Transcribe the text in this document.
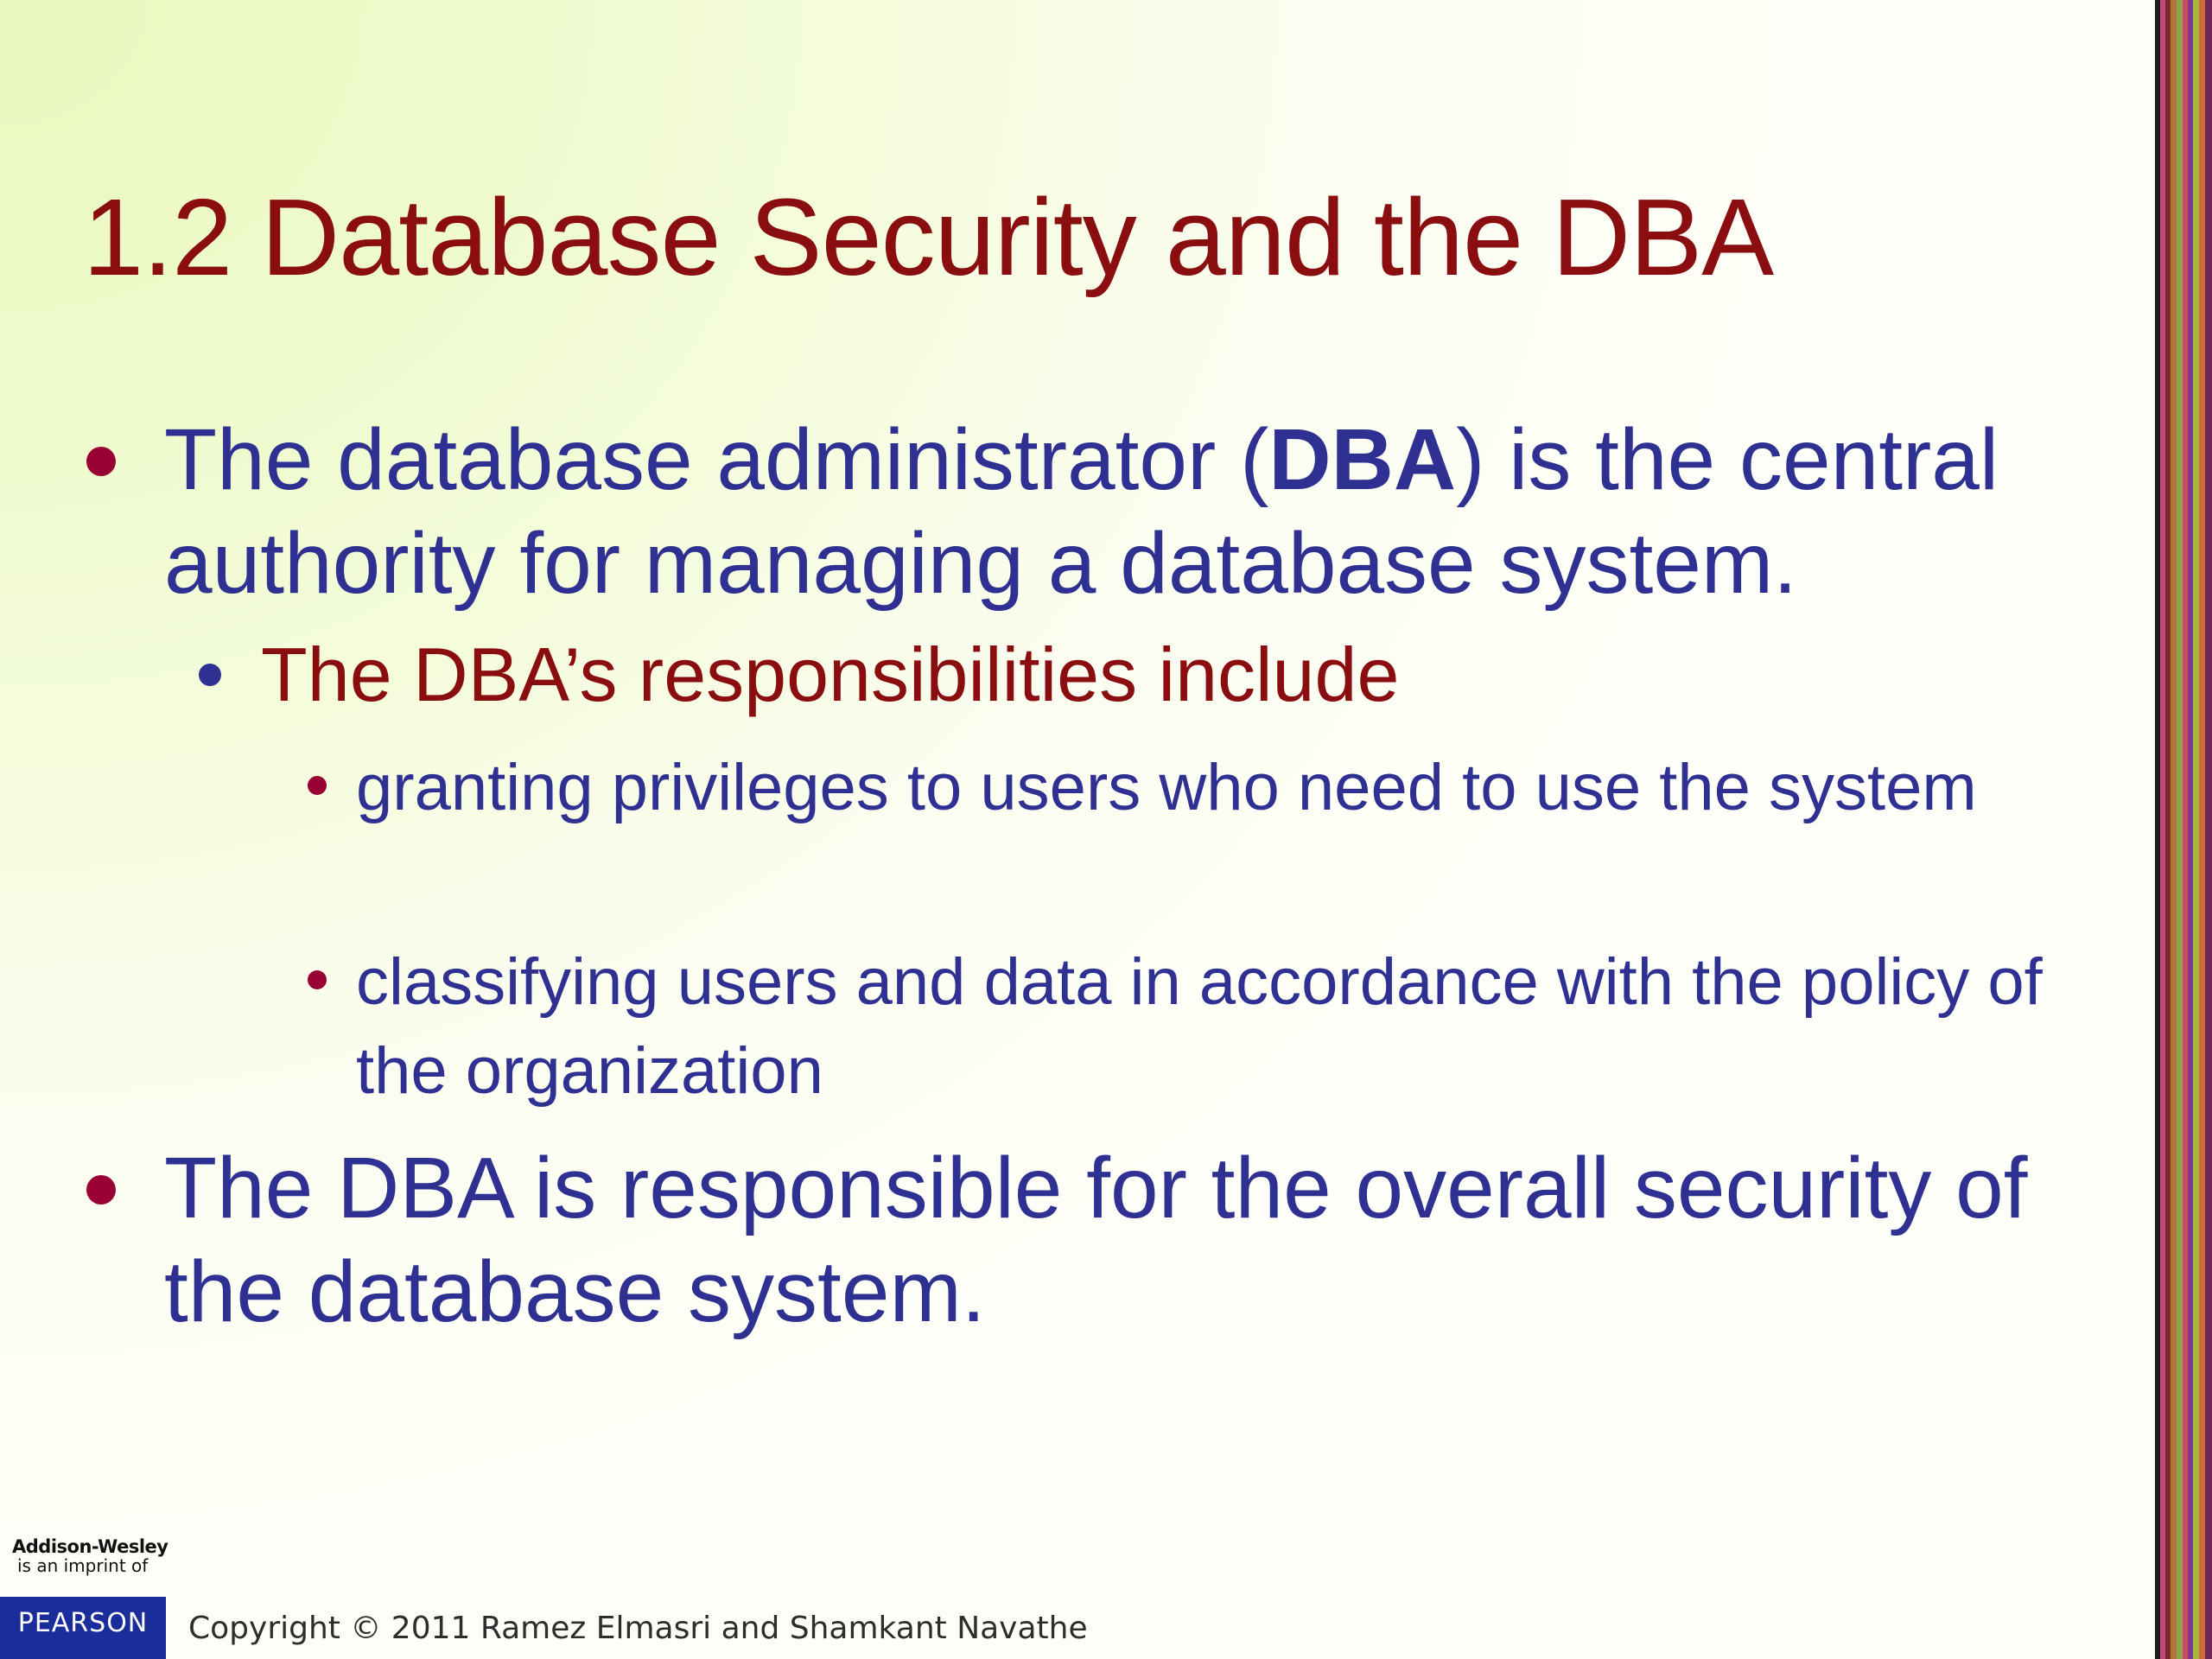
1.2 Database Security and the DBA

The database administrator (DBA) is the central authority for managing a database system.

The DBA’s responsibilities include

granting privileges to users who need to use the system

classifying users and data in accordance with the policy of the organization

The DBA is responsible for the overall security of the database system.

Addison-Wesley
is an imprint of
PEARSON	Copyright © 2011 Ramez Elmasri and Shamkant Navathe
